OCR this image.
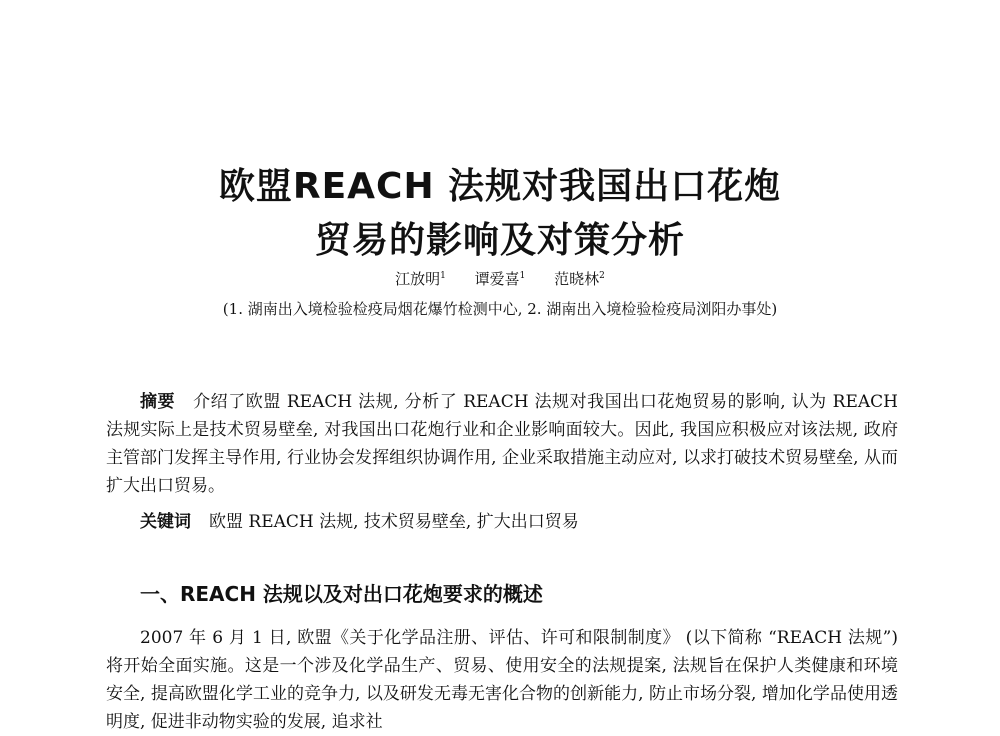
欧盟REACH 法规对我国出口花炮
贸易的影响及对策分析
江放明$^1$ 谭爱喜$^1$ 范晓林$^2$
(1. 湖南出入境检验检疫局烟花爆竹检测中心, 2. 湖南出入境检验检疫局浏阳办事处)
摘要 介绍了欧盟 REACH 法规, 分析了 REACH 法规对我国出口花炮贸易的影响, 认为 REACH 法规实际上是技术贸易壁垒, 对我国出口花炮行业和企业影响面较大。因此, 我国应积极应对该法规, 政府主管部门发挥主导作用, 行业协会发挥组织协调作用, 企业采取措施主动应对, 以求打破技术贸易壁垒, 从而扩大出口贸易。
关键词 欧盟 REACH 法规, 技术贸易壁垒, 扩大出口贸易
一、REACH 法规以及对出口花炮要求的概述
2007 年 6 月 1 日, 欧盟《关于化学品注册、评估、许可和限制制度》 (以下简称 “REACH 法规”) 将开始全面实施。这是一个涉及化学品生产、贸易、使用安全的法规提案, 法规旨在保护人类健康和环境安全, 提高欧盟化学工业的竞争力, 以及研发无毒无害化合物的创新能力, 防止市场分裂, 增加化学品使用透明度, 促进非动物实验的发展, 追求社
